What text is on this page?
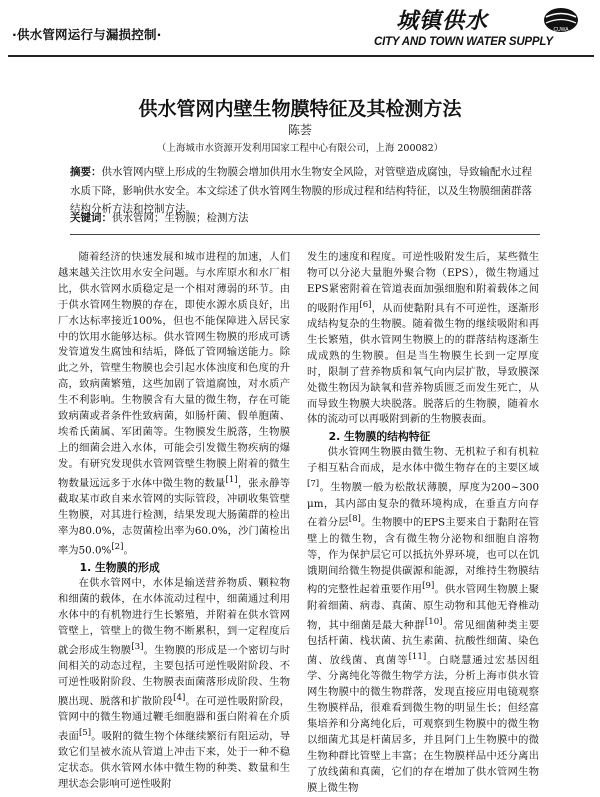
·供水管网运行与漏损控制·
城镇供水	CUWA
CITY AND TOWN WATER SUPPLY
供水管网内壁生物膜特征及其检测方法
陈荟
（上海城市水资源开发利用国家工程中心有限公司，上海 200082）
摘要：供水管网内壁上形成的生物膜会增加供用水生物安全风险，对管壁造成腐蚀，导致输配水过程水质下降，影响供水安全。本文综述了供水管网生物膜的形成过程和结构特征，以及生物膜细菌群落结构分析方法和控制方法。
关键词：供水管网；生物膜；检测方法

随着经济的快速发展和城市进程的加速，人们越来越关注饮用水安全问题。与水库原水和水厂相比，供水管网水质稳定是一个相对薄弱的环节。由于供水管网生物膜的存在，即使水源水质良好，出厂水达标率接近100%，但也不能保障进入居民家中的饮用水能够达标。供水管网生物膜的形成可诱发管道发生腐蚀和结垢，降低了管网输送能力。除此之外，管壁生物膜也会引起水体浊度和色度的升高，致病菌繁殖，这些加剧了管道腐蚀，对水质产生不利影响。生物膜含有大量的微生物，存在可能致病菌或者条件性致病菌，如肠杆菌、假单胞菌、埃希氏菌属、军团菌等。生物膜发生脱落，生物膜上的细菌会进入水体，可能会引发微生物疾病的爆发。有研究发现供水管网管壁生物膜上附着的微生物数量远远多于水体中微生物的数量[1]，张永静等截取某市政自来水管网的实际管段，冲刷收集管壁生物膜，对其进行检测，结果发现大肠菌群的检出率为80.0%，志贺菌检出率为60.0%，沙门菌检出率为50.0%[2]。

1. 生物膜的形成

在供水管网中，水体是输送营养物质、颗粒物和细菌的载体，在水体流动过程中，细菌通过利用水体中的有机物进行生长繁殖，并附着在供水管网管壁上，管壁上的微生物不断累积，到一定程度后就会形成生物膜[3]。生物膜的形成是一个密切与时间相关的动态过程，主要包括可逆性吸附阶段、不可逆性吸附阶段、生物膜表面菌落形成阶段、生物膜出现、脱落和扩散阶段[4]。在可逆性吸附阶段，管网中的微生物通过鞭毛细胞器和蛋白附着在介质表面[5]。吸附的微生物个体继续繁衍有阻运动，导致它们呈被水流从管道上冲击下来，处于一种不稳定状态。供水管网水体中微生物的种类、数量和生理状态会影响可逆性吸附

发生的速度和程度。可逆性吸附发生后，某些微生物可以分泌大量胞外聚合物（EPS），微生物通过EPS紧密附着在管道表面加强细胞和附着载体之间的吸附作用[6]，从而使黏附具有不可逆性，逐渐形成结构复杂的生物膜。随着微生物的继续吸附和再生长繁殖，供水管网生物膜上的的群落结构逐渐生成成熟的生物膜。但是当生物膜生长到一定厚度时，限制了营养物质和氧气向内层扩散，导致膜深处微生物因为缺氧和营养物质匮乏而发生死亡，从而导致生物膜大块脱落。脱落后的生物膜，随着水体的流动可以再吸附到新的生物膜表面。

2. 生物膜的结构特征

供水管网生物膜由微生物、无机粒子和有机粒子相互粘合而成，是水体中微生物存在的主要区域[7]。生物膜一般为松散状薄膜，厚度为200~300 μm，其内部由复杂的微环境构成，在垂直方向存在着分层[8]。生物膜中的EPS主要来自于黏附在管壁上的微生物，含有微生物分泌物和细胞自溶物等，作为保护层它可以抵抗外界环境，也可以在饥饿期间给微生物提供碳源和能源，对维持生物膜结构的完整性起着重要作用[9]。供水管网生物膜上聚附着细菌、病毒、真菌、原生动物和其他无脊椎动物，其中细菌是最大种群[10]。常见细菌种类主要包括杆菌、栈状菌、抗生素菌、抗酸性细菌、染色菌、放线菌、真菌等[11]。白晓慧通过宏基因组学、分离纯化等微生物学方法，分析上海市供水管网生物膜中的微生物群落，发现直接应用电镜观察生物膜样品，很难看到微生物的明显生长；但经富集培养和分离纯化后，可观察到生物膜中的微生物以细菌尤其是杆菌居多，并且阿门上生物膜中的微生物种群比管壁上丰富；在生物膜样品中还分离出了放线菌和真菌，它们的存在增加了供水管网生物膜上微生物
